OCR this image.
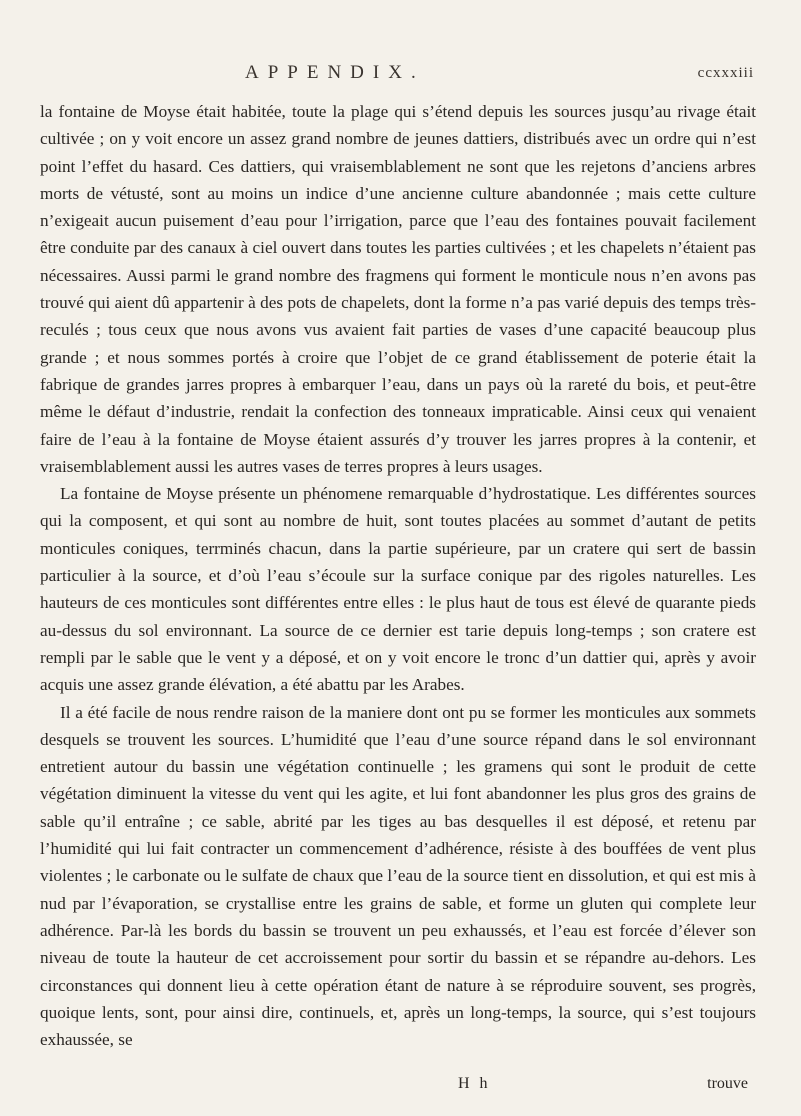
APPENDIX.	ccxxxiii

la fontaine de Moyse était habitée, toute la plage qui s’étend depuis les sources jusqu’au rivage était cultivée ; on y voit encore un assez grand nombre de jeunes dattiers, distribués avec un ordre qui n’est point l’effet du hasard. Ces dattiers, qui vraisemblablement ne sont que les rejetons d’anciens arbres morts de vétusté, sont au moins un indice d’une ancienne culture abandonnée ; mais cette culture n’exigeait aucun puisement d’eau pour l’irrigation, parce que l’eau des fontaines pouvait facilement être conduite par des canaux à ciel ouvert dans toutes les parties cultivées ; et les chapelets n’étaient pas nécessaires. Aussi parmi le grand nombre des fragmens qui forment le monticule nous n’en avons pas trouvé qui aient dû appartenir à des pots de chapelets, dont la forme n’a pas varié depuis des temps très-reculés ; tous ceux que nous avons vus avaient fait parties de vases d’une capacité beaucoup plus grande ; et nous sommes portés à croire que l’objet de ce grand établissement de poterie était la fabrique de grandes jarres propres à embarquer l’eau, dans un pays où la rareté du bois, et peut-être même le défaut d’industrie, rendait la confection des tonneaux impraticable. Ainsi ceux qui venaient faire de l’eau à la fontaine de Moyse étaient assurés d’y trouver les jarres propres à la contenir, et vraisemblablement aussi les autres vases de terres propres à leurs usages.

La fontaine de Moyse présente un phénomene remarquable d’hydrostatique. Les différentes sources qui la composent, et qui sont au nombre de huit, sont toutes placées au sommet d’autant de petits monticules coniques, terrminés chacun, dans la partie supérieure, par un cratere qui sert de bassin particulier à la source, et d’où l’eau s’écoule sur la surface conique par des rigoles naturelles. Les hauteurs de ces monticules sont différentes entre elles : le plus haut de tous est élevé de quarante pieds au-dessus du sol environnant. La source de ce dernier est tarie depuis long-temps ; son cratere est rempli par le sable que le vent y a déposé, et on y voit encore le tronc d’un dattier qui, après y avoir acquis une assez grande élévation, a été abattu par les Arabes.

Il a été facile de nous rendre raison de la maniere dont ont pu se former les monticules aux sommets desquels se trouvent les sources. L’humidité que l’eau d’une source répand dans le sol environnant entretient autour du bassin une végétation continuelle ; les gramens qui sont le produit de cette végétation diminuent la vitesse du vent qui les agite, et lui font abandonner les plus gros des grains de sable qu’il entraîne ; ce sable, abrité par les tiges au bas desquelles il est déposé, et retenu par l’humidité qui lui fait contracter un commencement d’adhérence, résiste à des bouffées de vent plus violentes ; le carbonate ou le sulfate de chaux que l’eau de la source tient en dissolution, et qui est mis à nud par l’évaporation, se crystallise entre les grains de sable, et forme un gluten qui complete leur adhérence. Par-là les bords du bassin se trouvent un peu exhaussés, et l’eau est forcée d’élever son niveau de toute la hauteur de cet accroissement pour sortir du bassin et se répandre au-dehors. Les circonstances qui donnent lieu à cette opération étant de nature à se réproduire souvent, ses progrès, quoique lents, sont, pour ainsi dire, continuels, et, après un long-temps, la source, qui s’est toujours exhaussée, se

H h	trouve
